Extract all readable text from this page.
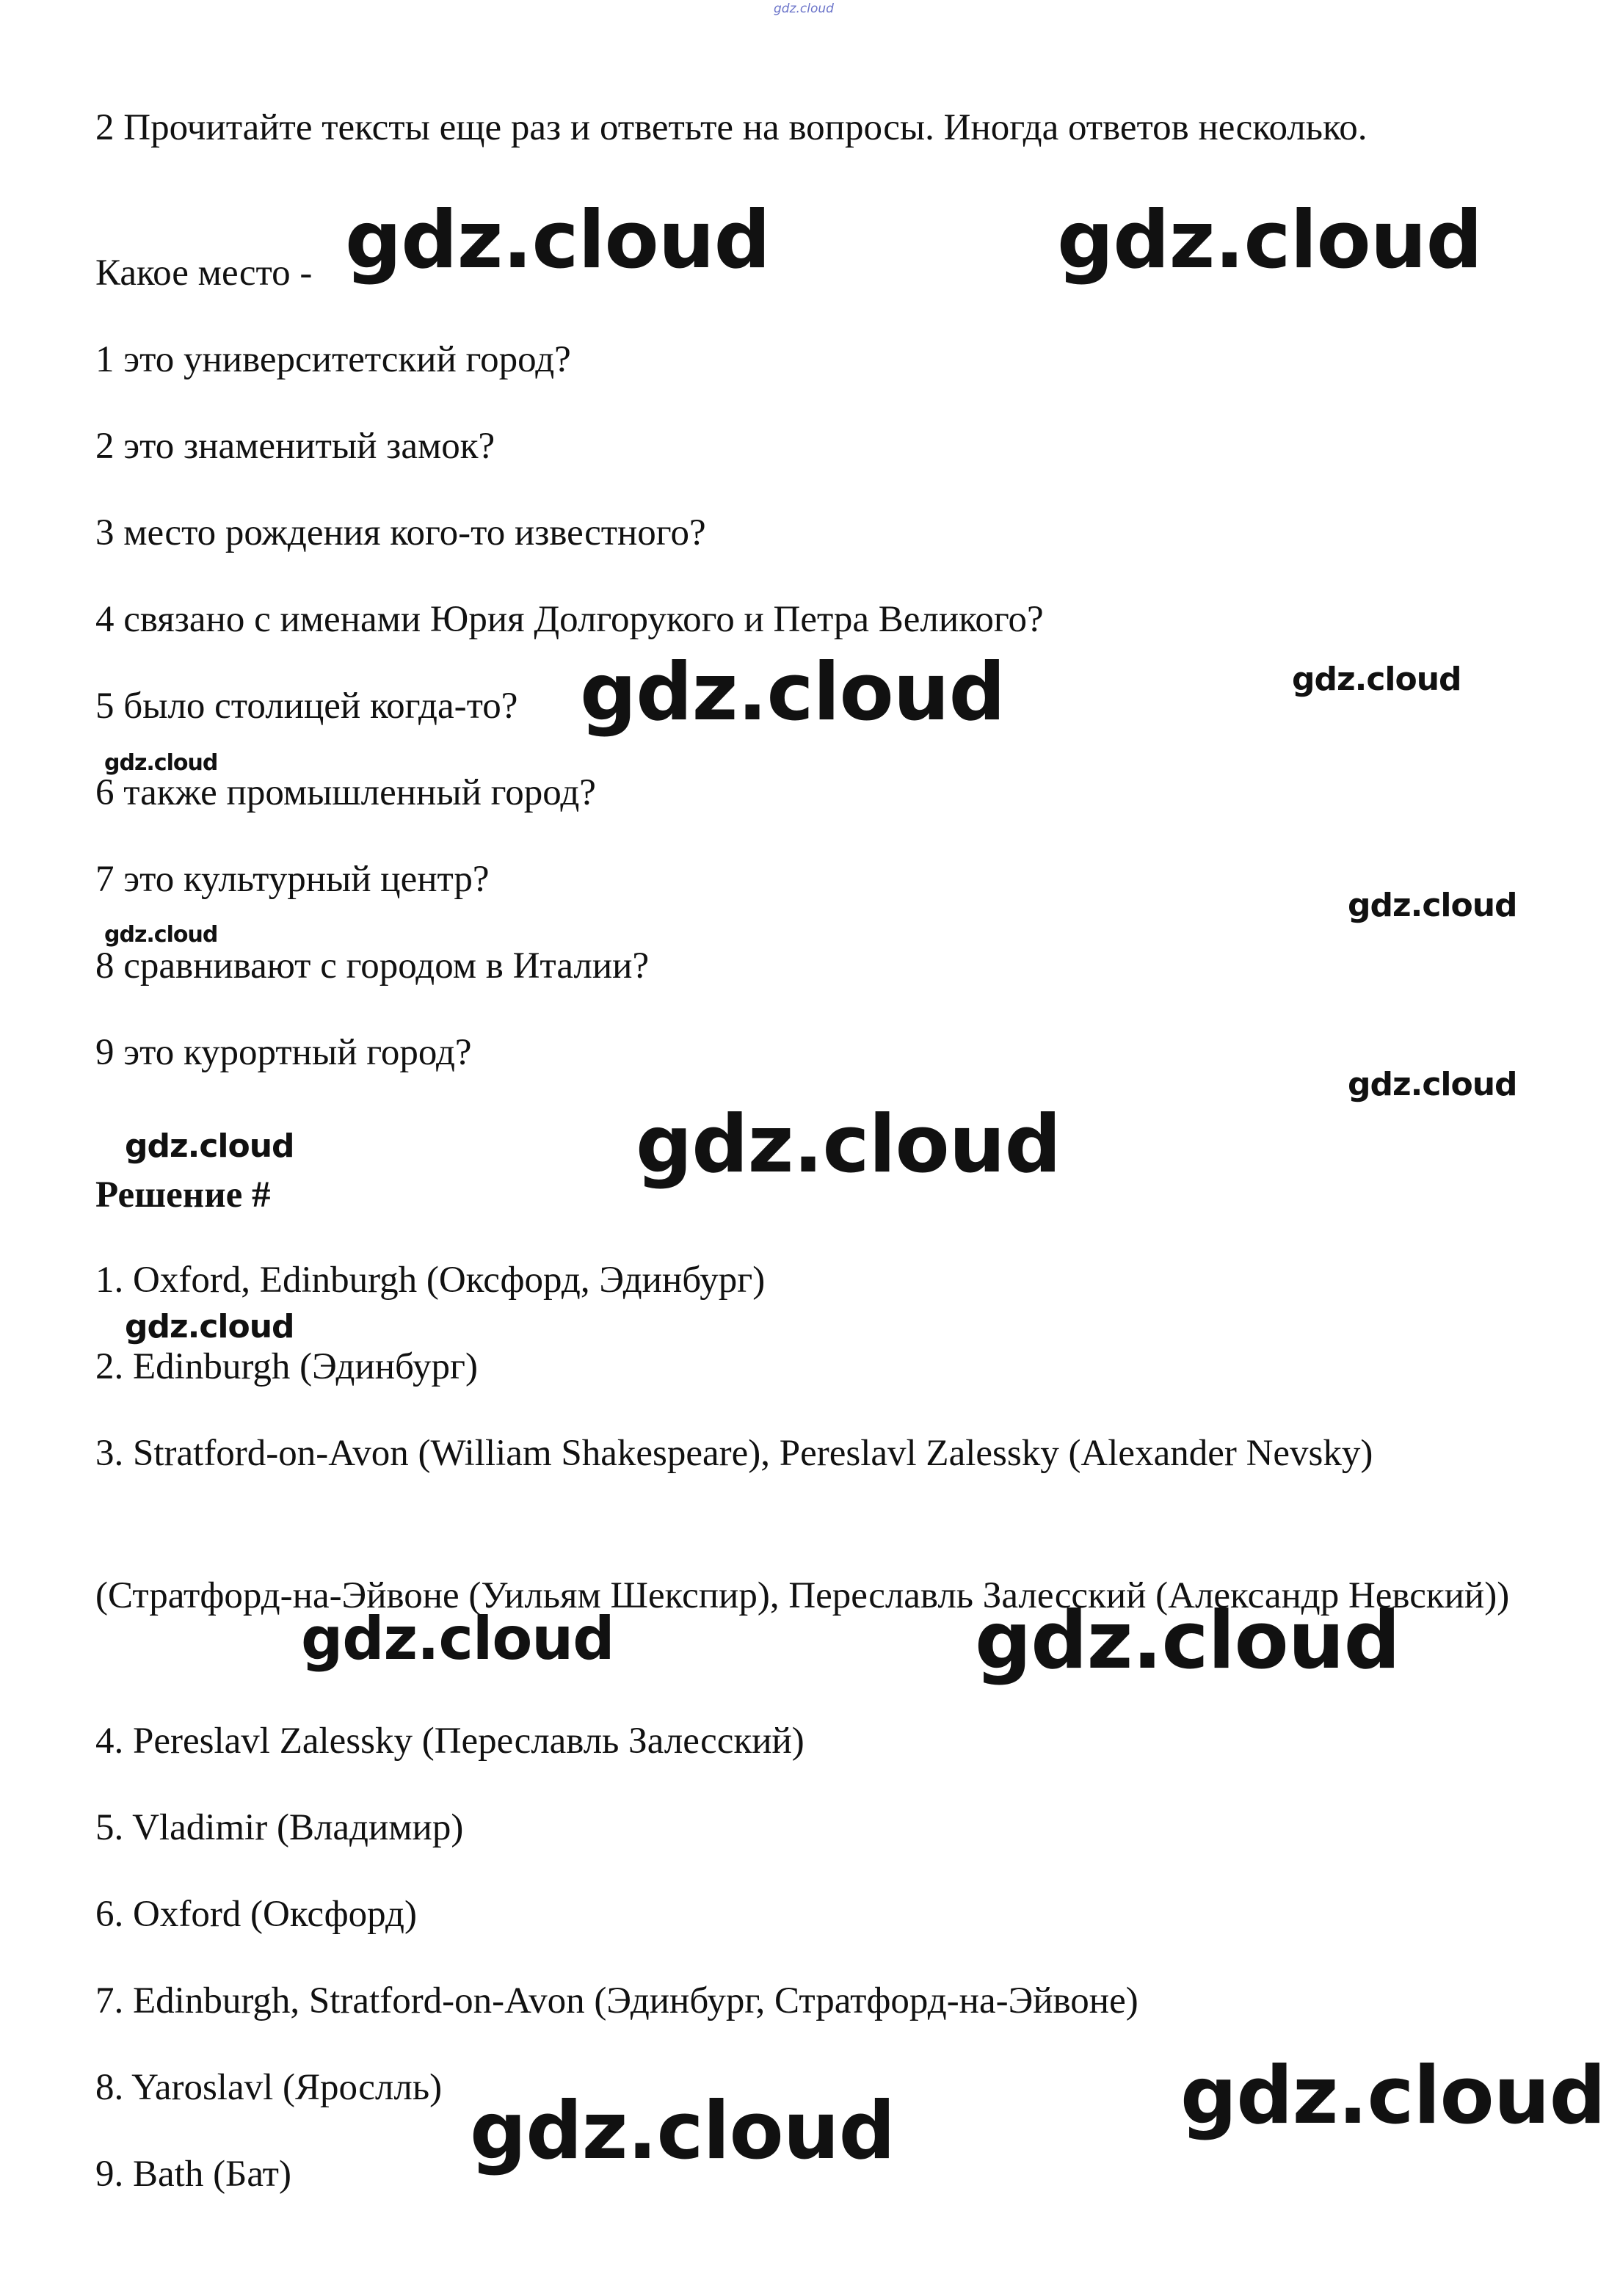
gdz.cloud
2 Прочитайте тексты еще раз и ответьте на вопросы. Иногда ответов несколько.
Какое место -
1 это университетский город?
2 это знаменитый замок?
3 место рождения кого-то известного?
4 связано с именами Юрия Долгорукого и Петра Великого?
5 было столицей когда-то?
6 также промышленный город?
7 это культурный центр?
8 сравнивают с городом в Италии?
9 это курортный город?
Решение #
1. Oxford, Edinburgh (Оксфорд, Эдинбург)
2. Edinburgh (Эдинбург)
3. Stratford-on-Avon (William Shakespeare), Pereslavl Zalessky (Alexander Nevsky)
(Стратфорд-на-Эйвоне (Уильям Шекспир), Переславль Залесский (Александр Невский))
4. Pereslavl Zalessky (Переславль Залесский)
5. Vladimir (Владимир)
6. Oxford (Оксфорд)
7. Edinburgh, Stratford-on-Avon (Эдинбург, Стратфорд-на-Эйвоне)
8. Yaroslavl (Ярослль)
9. Bath (Бат)
gdz.cloud	gdz.cloud
gdz.cloud	gdz.cloud
gdz.cloud
gdz.cloud
gdz.cloud
gdz.cloud
gdz.cloud	gdz.cloud
gdz.cloud
gdz.cloud	gdz.cloud
gdz.cloud
gdz.cloud
